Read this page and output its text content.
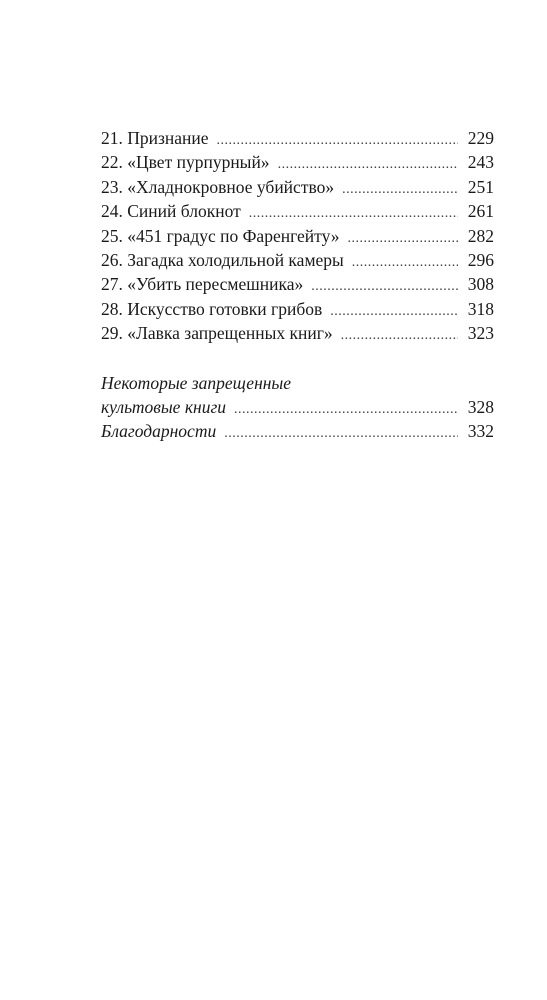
21. Признание .....	229
22. «Цвет пурпурный» .....	243
23. «Хладнокровное убийство» .....	251
24. Синий блокнот .....	261
25. «451 градус по Фаренгейту» .....	282
26. Загадка холодильной камеры .....	296
27. «Убить пересмешника» .....	308
28. Искусство готовки грибов .....	318
29. «Лавка запрещенных книг» .....	323
Некоторые запрещенные
культовые книги .....	328
Благодарности .....	332
